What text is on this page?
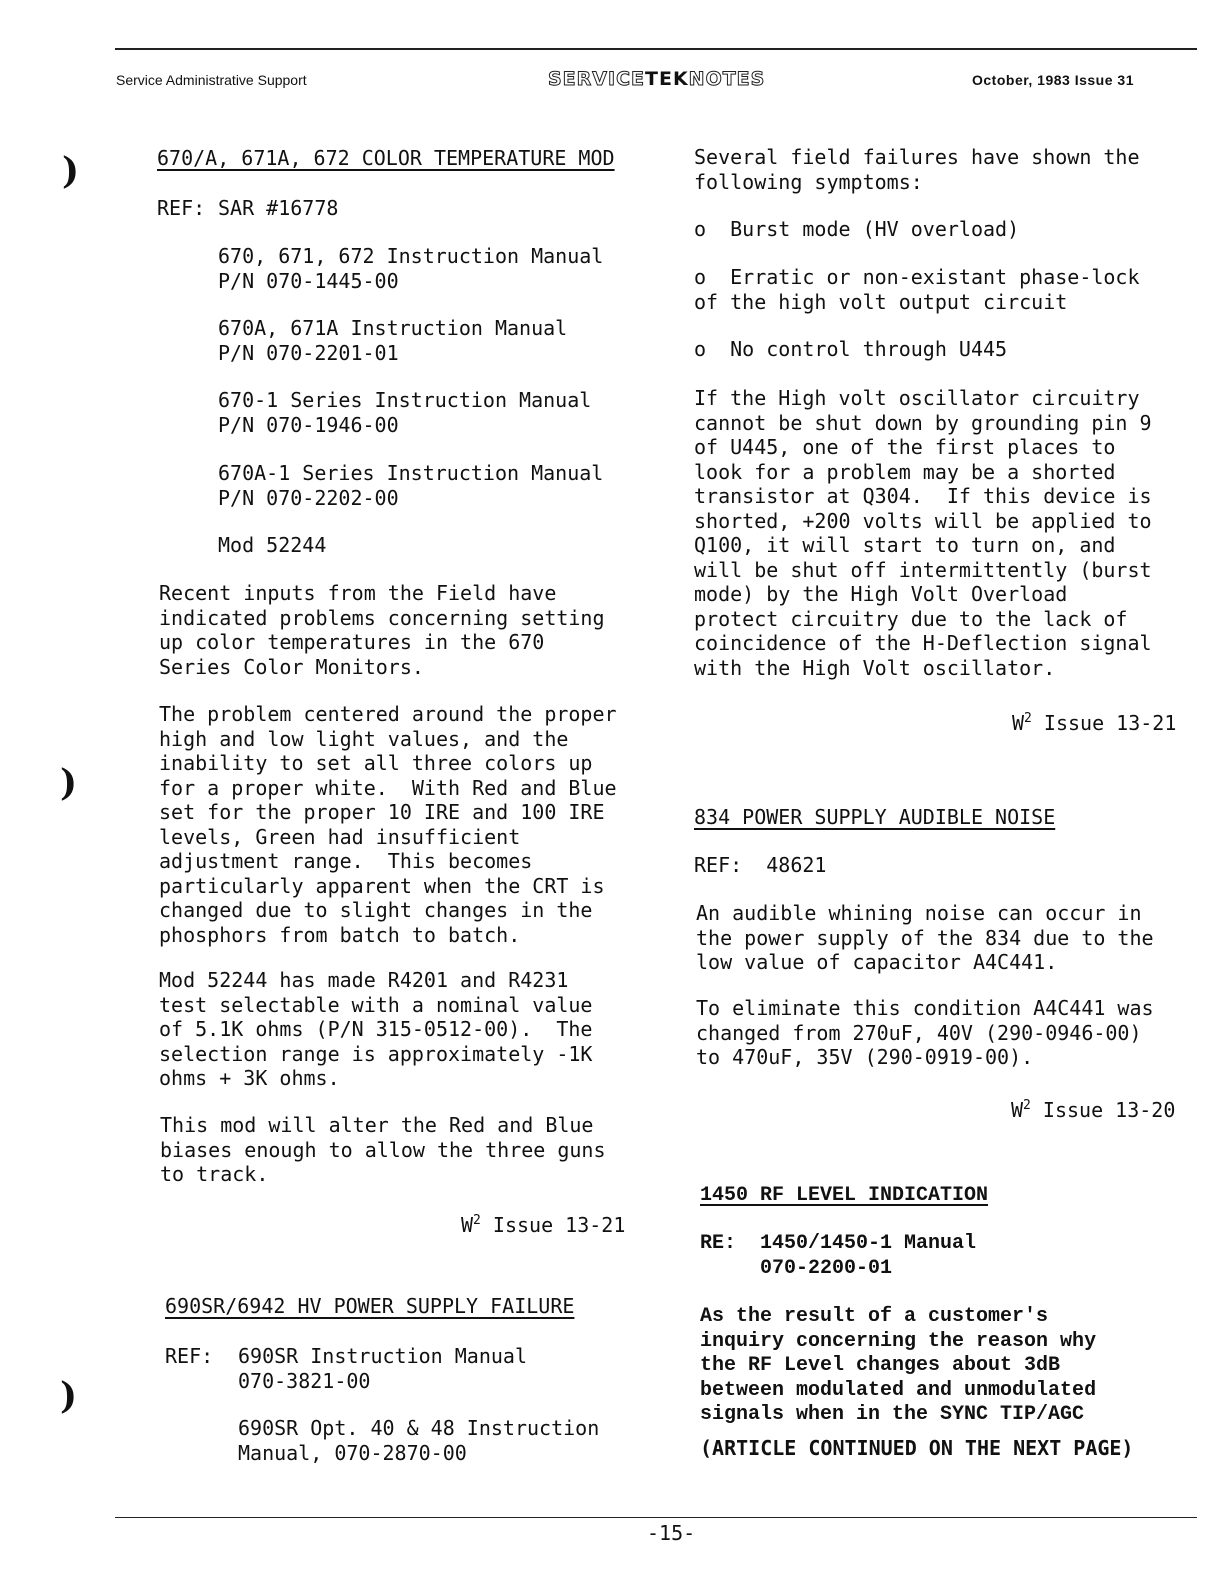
Service Administrative Support	SERVICETEKNOTES	October, 1983 Issue 31
)
)
)
670/A, 671A, 672 COLOR TEMPERATURE MOD
REF: SAR #16778
670, 671, 672 Instruction Manual
P/N 070-1445-00
670A, 671A Instruction Manual
P/N 070-2201-01
670-1 Series Instruction Manual
P/N 070-1946-00
670A-1 Series Instruction Manual
P/N 070-2202-00
Mod 52244
Recent inputs from the Field have
indicated problems concerning setting
up color temperatures in the 670
Series Color Monitors.
The problem centered around the proper
high and low light values, and the
inability to set all three colors up
for a proper white.  With Red and Blue
set for the proper 10 IRE and 100 IRE
levels, Green had insufficient
adjustment range.  This becomes
particularly apparent when the CRT is
changed due to slight changes in the
phosphors from batch to batch.
Mod 52244 has made R4201 and R4231
test selectable with a nominal value
of 5.1K ohms (P/N 315-0512-00).  The
selection range is approximately -1K
ohms + 3K ohms.
This mod will alter the Red and Blue
biases enough to allow the three guns
to track.
$W^2$ Issue 13-21
690SR/6942 HV POWER SUPPLY FAILURE
REF: 690SR Instruction Manual
070-3821-00
690SR Opt. 40 & 48 Instruction
Manual, 070-2870-00
Several field failures have shown the
following symptoms:
o  Burst mode (HV overload)
o  Erratic or non-existant phase-lock
of the high volt output circuit
o  No control through U445
If the High volt oscillator circuitry
cannot be shut down by grounding pin 9
of U445, one of the first places to
look for a problem may be a shorted
transistor at Q304.  If this device is
shorted, +200 volts will be applied to
Q100, it will start to turn on, and
will be shut off intermittently (burst
mode) by the High Volt Overload
protect circuitry due to the lack of
coincidence of the H-Deflection signal
with the High Volt oscillator.
$W^2$ Issue 13-21
834 POWER SUPPLY AUDIBLE NOISE
REF:  48621
An audible whining noise can occur in
the power supply of the 834 due to the
low value of capacitor A4C441.
To eliminate this condition A4C441 was
changed from 270uF, 40V (290-0946-00)
to 470uF, 35V (290-0919-00).
$W^2$ Issue 13-20
1450 RF LEVEL INDICATION
RE:  1450/1450-1 Manual
070-2200-01
As the result of a customer's
inquiry concerning the reason why
the RF Level changes about 3dB
between modulated and unmodulated
signals when in the SYNC TIP/AGC
(ARTICLE CONTINUED ON THE NEXT PAGE)
-15-
